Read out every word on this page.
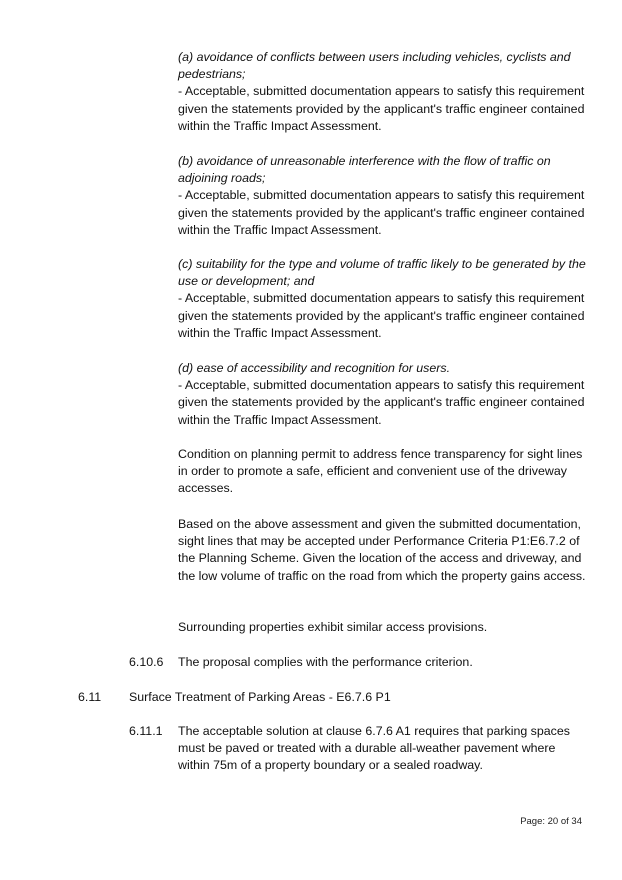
(a) avoidance of conflicts between users including vehicles, cyclists and pedestrians;

- Acceptable, submitted documentation appears to satisfy this requirement given the statements provided by the applicant's traffic engineer contained within the Traffic Impact Assessment.

(b) avoidance of unreasonable interference with the flow of traffic on adjoining roads;

- Acceptable, submitted documentation appears to satisfy this requirement given the statements provided by the applicant's traffic engineer contained within the Traffic Impact Assessment.

(c) suitability for the type and volume of traffic likely to be generated by the use or development; and

- Acceptable, submitted documentation appears to satisfy this requirement given the statements provided by the applicant's traffic engineer contained within the Traffic Impact Assessment.

(d) ease of accessibility and recognition for users.

- Acceptable, submitted documentation appears to satisfy this requirement given the statements provided by the applicant's traffic engineer contained within the Traffic Impact Assessment.

Condition on planning permit to address fence transparency for sight lines in order to promote a safe, efficient and convenient use of the driveway accesses.

Based on the above assessment and given the submitted documentation, sight lines that may be accepted under Performance Criteria P1:E6.7.2 of the Planning Scheme. Given the location of the access and driveway, and the low volume of traffic on the road from which the property gains access.

Surrounding properties exhibit similar access provisions.

6.10.6 The proposal complies with the performance criterion.

6.11 Surface Treatment of Parking Areas - E6.7.6 P1

6.11.1 The acceptable solution at clause 6.7.6 A1 requires that parking spaces must be paved or treated with a durable all-weather pavement where within 75m of a property boundary or a sealed roadway.

Page: 20 of 34
